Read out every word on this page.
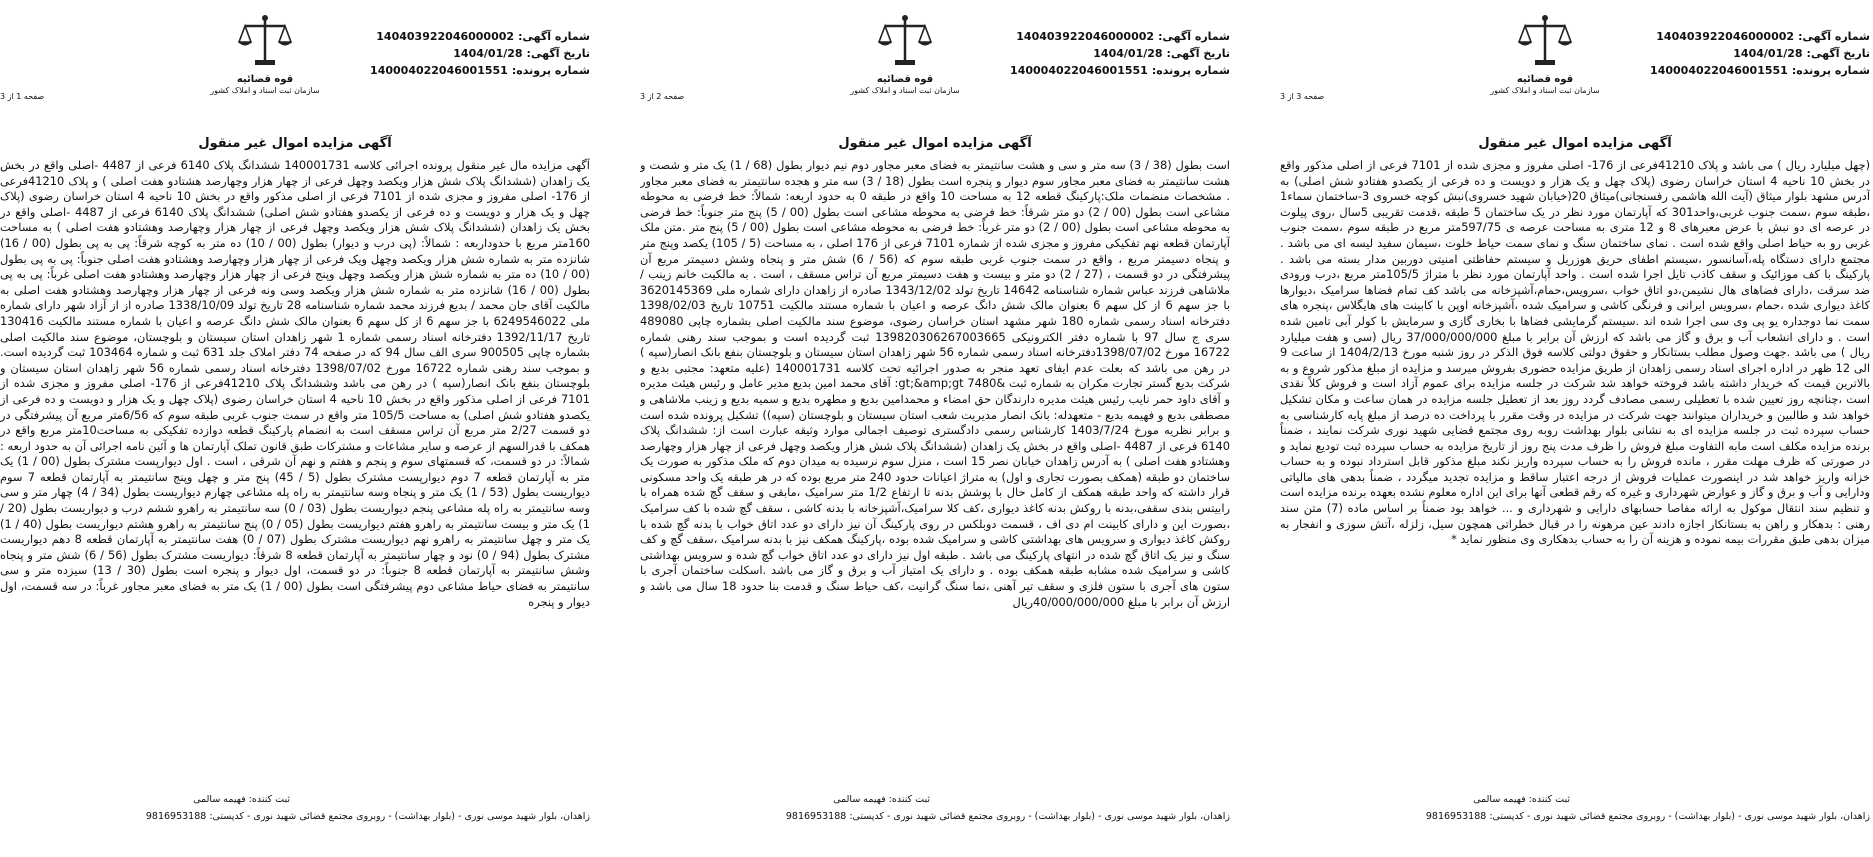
شماره آگهی:
140403922046000002
تاریخ آگهی:
1404/01/28
شماره پرونده:
140004022046001551
قوه قضائیه
سازمان ثبت اسناد و املاک کشور
صفحه 1 از 3
آگهی مزایده اموال غیر منقول
آگهی مزایده مال غیر منقول پرونده اجرائی کلاسه 140001731 ششدانگ پلاک 6140 فرعی از 4487 -اصلی واقع در بخش یک زاهدان (ششدانگ پلاک شش هزار ویکصد وچهل فرعی از چهار هزار وچهارصد هشتادو هفت اصلی ) و پلاک 41210فرعی از 176- اصلی مفروز و مجزی شده از 7101 فرعی از اصلی مذکور واقع در بخش 10 ناحیه 4 استان خراسان رضوی (پلاک چهل و یک هزار و دویست و ده فرعی از یکصدو هفتادو شش اصلی) ششدانگ پلاک 6140 فرعی از 4487 -اصلی واقع در بخش یک زاهدان (ششدانگ پلاک شش هزار ویکصد وچهل فرعی از چهار هزار وچهارصد وهشتادو هفت اصلی ) به مساحت 160متر مربع با حدوداربعه : شمالاً: (پی درب و دیوار) بطول (00 / 10) ده متر به کوچه شرقاً: پی به پی بطول (00 / 16) شانزده متر به شماره شش هزار ویکصد وچهل ویک فرعی از چهار هزار وچهارصد وهشتادو هفت اصلی جنوباً: پی به پی بطول (00 / 10) ده متر به شماره شش هزار ویکصد وچهل وپنج فرعی از چهار هزار وچهارصد وهشتادو هفت اصلی غرباً: پی به پی بطول (00 / 16) شانزده متر به شماره شش هزار ویکصد وسی ونه فرعی از چهار هزار وچهارصد وهشتادو هفت اصلی به مالکیت آقای جان محمد / بدیع فرزند محمد شماره شناسنامه 28 تاریخ تولد 1338/10/09 صادره از از آزاد شهر دارای شماره ملی 6249546022 با جز سهم 6 از کل سهم 6 بعنوان مالک شش دانگ عرصه و اعیان با شماره مستند مالکیت 130416 تاریخ 1392/11/17 دفترخانه اسناد رسمی شماره 1 شهر زاهدان استان سیستان و بلوچستان، موضوع سند مالکیت اصلی بشماره چاپی 900505 سری الف سال 94 که در صفحه 74 دفتر املاک جلد 631 ثبت و شماره 103464 ثبت گردیده است. و بموجب سند رهنی شماره 16722 مورخ 1398/07/02 دفترخانه اسناد رسمی شماره 56 شهر زاهدان استان سیستان و بلوچستان بنفع بانک انصار(سپه ) در رهن می باشد وششدانگ پلاک 41210فرعی از 176- اصلی مفروز و مجزی شده از 7101 فرعی از اصلی مذکور واقع در بخش 10 ناحیه 4 استان خراسان رضوی (پلاک چهل و یک هزار و دویست و ده فرعی از یکصدو هفتادو شش اصلی) به مساحت 105/5 متر واقع در سمت جنوب غربی طبقه سوم که 6/56متر مربع آن پیشرفتگی در دو قسمت 2/27 متر مربع آن تراس مسقف است به انضمام پارکینگ قطعه دوازده تفکیکی به مساحت10متر مربع واقع در همکف با قدرالسهم از عرصه و سایر مشاعات و مشترکات طبق قانون تملک آپارتمان ها و آئین نامه اجرائی آن به حدود اربعه : شمالاً: در دو قسمت، که قسمتهای سوم و پنجم و هفتم و نهم آن شرقی ، است . اول دیوارپست مشترک بطول (00 / 1) یک متر به آپارتمان قطعه 7 دوم دیوارپست مشترک بطول (5 / 45) پنج متر و چهل وپنج سانتیمتر به آپارتمان قطعه 7 سوم دیواریست بطول (53 / 1) یک متر و پنجاه وسه سانتیمتر به راه پله مشاعی چهارم دیواریست بطول (34 / 4) چهار متر و سی وسه سانتیمتر به راه پله مشاعی پنجم دیواریست بطول (03 / 0) سه سانتیمتر به راهرو ششم درب و دیواریست بطول (20 / 1) یک متر و بیست سانتیمتر به راهرو هفتم دیواریست بطول (05 / 0) پنج سانتیمتر به راهرو هشتم دیواریست بطول (40 / 1) یک متر و چهل سانتیمتر به راهرو نهم دیواریست مشترک بطول (07 / 0) هفت سانتیمتر به آپارتمان قطعه 8 دهم دیواریست مشترک بطول (94 / 0) نود و چهار سانتیمتر به آپارتمان قطعه 8 شرقاً: دیواریست مشترک بطول (56 / 6) شش متر و پنجاه وشش سانتیمتر به آپارتمان قطعه 8 جنوباً: در دو قسمت، اول دیوار و پنجره است بطول (30 / 13) سیزده متر و سی سانتیمتر به فضای حیاط مشاعی دوم پیشرفتگی است بطول (00 / 1) یک متر به فضای معبر مجاور غرباً: در سه قسمت، اول دیوار و پنجره
ثبت کننده: فهیمه سالمی
زاهدان، بلوار شهید موسی نوری - (بلوار بهداشت) - روبروی مجتمع قضائی شهید نوری - کدپستی: 9816953188
شماره آگهی:
140403922046000002
تاریخ آگهی:
1404/01/28
شماره پرونده:
140004022046001551
قوه قضائیه
سازمان ثبت اسناد و املاک کشور
صفحه 2 از 3
آگهی مزایده اموال غیر منقول
است بطول (38 / 3) سه متر و سی و هشت سانتیمتر به فضای معبر مجاور دوم نیم دیوار بطول (68 / 1) یک متر و شصت و هشت سانتیمتر به فضای معبر مجاور سوم دیوار و پنجره است بطول (18 / 3) سه متر و هجده سانتیمتر به فضای معبر مجاور . مشخصات منضمات ملک:پارکینگ قطعه 12 به مساحت 10 واقع در طبقه 0 به حدود اربعه: شمالاً: خط فرضی به محوطه مشاعی است بطول (00 / 2) دو متر شرقاً: خط فرضی به محوطه مشاعی است بطول (00 / 5) پنج متر جنوباً: خط فرضی به محوطه مشاعی است بطول (00 / 2) دو متر غرباً: خط فرضی به محوطه مشاعی است بطول (00 / 5) پنج متر .متن ملک آپارتمان قطعه نهم تفکیکی مفروز و مجزی شده از شماره 7101 فرعی از 176 اصلی ، به مساحت (5 / 105) یکصد وپنج متر و پنجاه دسیمتر مربع ، واقع در سمت جنوب غربی طبقه سوم که (56 / 6) شش متر و پنجاه وشش دسیمتر مربع آن پیشرفتگی در دو قسمت ، (27 / 2) دو متر و بیست و هفت دسیمتر مربع آن تراس مسقف ، است . به مالکیت خانم زینب / ملاشاهی فرزند عباس شماره شناسنامه 14642 تاریخ تولد 1343/12/02 صادره از زاهدان دارای شماره ملی 3620145369 با جز سهم 6 از کل سهم 6 بعنوان مالک شش دانگ عرصه و اعیان با شماره مستند مالکیت 10751 تاریخ 1398/02/03 دفترخانه اسناد رسمی شماره 180 شهر مشهد استان خراسان رضوی، موضوع سند مالکیت اصلی بشماره چاپی 489080 سری ج سال 97 با شماره دفتر الکترونیکی 139820306267003665 ثبت گردیده است و بموجب سند رهنی شماره 16722 مورخ 1398/07/02دفترخانه اسناد رسمی شماره 56 شهر زاهدان استان سیستان و بلوچستان بنفع بانک انصار(سپه ) در رهن می باشد که بعلت عدم ایفای تعهد منجر به صدور اجرائیه تحت کلاسه 140001731 (علیه متعهد: مجتبی بدیع و شرکت بدیع گستر تجارت مکران به شماره ثبت &gt;&amp;gt 7480: آقای محمد امین بدیع مدیر عامل و رئیس هیئت مدیره و آقای داود حمر نایب رئیس هیئت مدیره دارندگان حق امضاء و محمدامین بدیع و مطهره بدیع و سمیه بدیع و زینب ملاشاهی و مصطفی بدیع و فهیمه بدیع - متعهدله: بانک انصار مدیریت شعب استان سیستان و بلوچستان (سپه)) تشکیل پرونده شده است و برابر نظریه مورخ 1403/7/24 کارشناس رسمی دادگستری توصیف اجمالی موارد وثیقه عبارت است از: ششدانگ پلاک 6140 فرعی از 4487 -اصلی واقع در بخش یک زاهدان (ششدانگ پلاک شش هزار ویکصد وچهل فرعی از چهار هزار وچهارصد وهشتادو هفت اصلی ) به آدرس زاهدان خیابان نصر 15 است ، منزل سوم نرسیده به میدان دوم که ملک مذکور به صورت یک ساختمان دو طبقه (همکف بصورت تجاری و اول) به متراژ اعیانات حدود 240 متر مربع بوده که در هر طبقه یک واحد مسکونی قرار داشته که واحد طبقه همکف از کامل حال با پوشش بدنه تا ارتفاع 1/2 متر سرامیک ،مابقی و سقف گچ شده همراه با رابیتس بندی سقفی،بدنه با روکش بدنه کاغذ دیواری ،کف کلا سرامیک،آشپزخانه با بدنه کاشی ، سقف گچ شده با کف سرامیک ،بصورت این و دارای کابینت ام دی اف ، قسمت دوبلکس در روی پارکینگ آن نیز دارای دو عدد اتاق خواب با بدنه گچ شده با روکش کاغذ دیواری و سرویس های بهداشتی کاشی و سرامیک شده بوده ،پارکینگ همکف نیز با بدنه سرامیک ،سقف گچ و کف سنگ و نیز یک اتاق گچ شده در انتهای پارکینگ می باشد . طبقه اول نیز دارای دو عدد اتاق خواب گچ شده و سرویس بهداشتی کاشی و سرامیک شده مشابه طبقه همکف بوده . و دارای یک امتیاز آب و برق و گاز می باشد .اسکلت ساختمان آجری با ستون های آجری با ستون فلزی و سقف تیر آهنی ،نما سنگ گرانیت ،کف حیاط سنگ و قدمت بنا حدود 18 سال می باشد و ارزش آن برابر با مبلغ 40/000/000/000ریال
ثبت کننده: فهیمه سالمی
زاهدان، بلوار شهید موسی نوری - (بلوار بهداشت) - روبروی مجتمع قضائی شهید نوری - کدپستی: 9816953188
شماره آگهی:
140403922046000002
تاریخ آگهی:
1404/01/28
شماره پرونده:
140004022046001551
قوه قضائیه
سازمان ثبت اسناد و املاک کشور
صفحه 3 از 3
آگهی مزایده اموال غیر منقول
(چهل میلیارد ریال ) می باشد و پلاک 41210فرعی از 176- اصلی مفروز و مجزی شده از 7101 فرعی از اصلی مذکور واقع در بخش 10 ناحیه 4 استان خراسان رضوی (پلاک چهل و یک هزار و دویست و ده فرعی از یکصدو هفتادو شش اصلی) به آدرس مشهد بلوار میثاق (آیت الله هاشمی رفسنجانی)میثاق 20(خیابان شهید خسروی)نبش کوچه خسروی 3-ساختمان سماء1 ،طبقه سوم ،سمت جنوب غربی،واحد301 که آپارتمان مورد نظر در یک ساختمان 5 طبقه ،قدمت تقریبی 5سال ،روی پیلوت در عرصه ای دو نبش با عرض معبرهای 8 و 12 متری به مساحت عرصه ی 597/75متر مربع در طبقه سوم ،سمت جنوب غربی رو به حیاط اصلی واقع شده است . نمای ساختمان سنگ و نمای سمت حیاط خلوت ،سیمان سفید لیسه ای می باشد . مجتمع دارای دستگاه پله،آسانسور ،سیستم اطفای حریق هوزریل و سیستم حفاظتی امنیتی دوربین مدار بسته می باشد . پارکینگ با کف موزائیک و سقف کاذب تایل اجرا شده است . واحد آپارتمان مورد نظر با متراژ 105/5متر مربع ،درب ورودی ضد سرقت ،دارای فضاهای هال نشیمن،دو اتاق خواب ،سرویس،حمام،آشپزخانه می باشد کف تمام فضاها سرامیک ،دیوارها کاغذ دیواری شده ،حمام ،سرویس ایرانی و فرنگی کاشی و سرامیک شده ،آشپزخانه اوپن با کابینت های هایگلاس ،پنجره های سمت نما دوجداره یو پی وی سی اجرا شده اند .سیستم گرمایشی فضاها با بخاری گازی و سرمایش با کولر آبی تامین شده است . و دارای انشعاب آب و برق و گاز می باشد که ارزش آن برابر با مبلغ 37/000/000/000 ریال (سی و هفت میلیارد ریال ) می باشد .جهت وصول مطلب بستانکار و حقوق دولتی کلاسه فوق الذکر در روز شنبه مورخ 1404/2/13 از ساعت 9 الی 12 ظهر در اداره اجرای اسناد رسمی زاهدان از طریق مزایده حضوری بفروش میرسد و مزایده از مبلغ مذکور شروع و به بالاترین قیمت که خریدار داشته باشد فروخته خواهد شد شرکت در جلسه مزایده برای عموم آزاد است و فروش کلاً نقدی است ،چنانچه روز تعیین شده با تعطیلی رسمی مصادف گردد روز بعد از تعطیل جلسه مزایده در همان ساعت و مکان تشکیل خواهد شد و طالبین و خریداران میتوانند جهت شرکت در مزایده در وقت مقرر با پرداخت ده درصد از مبلغ پایه کارشناسی به حساب سپرده ثبت در جلسه مزایده ای به نشانی بلوار بهداشت روبه روی مجتمع قضایی شهید نوری شرکت نمایند ، ضمناً برنده مزایده مکلف است مابه التفاوت مبلغ فروش را ظرف مدت پنج روز از تاریخ مزایده به حساب سپرده ثبت تودیع نماید و در صورتی که ظرف مهلت مقرر ، مانده فروش را به حساب سپرده واریز نکند مبلغ مذکور قابل استرداد نبوده و به حساب خزانه واریز خواهد شد در اینصورت عملیات فروش از درجه اعتبار ساقط و مزایده تجدید میگردد ، ضمناً بدهی های مالیاتی ودارایی و آب و برق و گاز و عوارض شهرداری و غیره که رقم قطعی آنها برای این اداره معلوم نشده بعهده برنده مزایده است و تنظیم سند انتقال موکول به ارائه مفاصا حسابهای دارایی و شهرداری و ... خواهد بود ضمناً بر اساس ماده (7) متن سند رهنی : بدهکار و راهن به بستانکار اجازه دادند عین مرهونه را در قبال خطراتی همچون سیل، زلزله ،آتش سوزی و انفجار به میزان بدهی طبق مقررات بیمه نموده و هزینه آن را به حساب بدهکاری وی منظور نماید *
ثبت کننده: فهیمه سالمی
زاهدان، بلوار شهید موسی نوری - (بلوار بهداشت) - روبروی مجتمع قضائی شهید نوری - کدپستی: 9816953188
